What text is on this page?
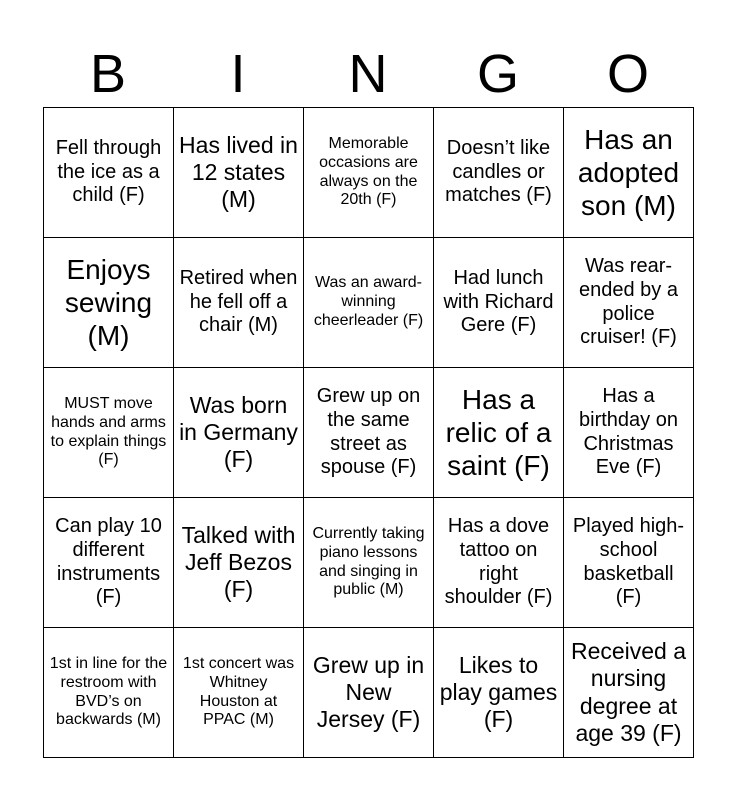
B	I	N	G	O
Fell through the ice as a child (F)	Has lived in 12 states (M)	Memorable occasions are always on the 20th (F)	Doesn’t like candles or matches (F)	Has an adopted son (M)
Enjoys sewing (M)	Retired when he fell off a chair (M)	Was an award-winning cheerleader (F)	Had lunch with Richard Gere (F)	Was rear-ended by a police cruiser! (F)
MUST move hands and arms to explain things (F)	Was born in Germany (F)	Grew up on the same street as spouse (F)	Has a relic of a saint (F)	Has a birthday on Christmas Eve (F)
Can play 10 different instruments (F)	Talked with Jeff Bezos (F)	Currently taking piano lessons and singing in public (M)	Has a dove tattoo on right shoulder (F)	Played high-school basketball (F)
1st in line for the restroom with BVD’s on backwards (M)	1st concert was Whitney Houston at PPAC (M)	Grew up in New Jersey (F)	Likes to play games (F)	Received a nursing degree at age 39 (F)
